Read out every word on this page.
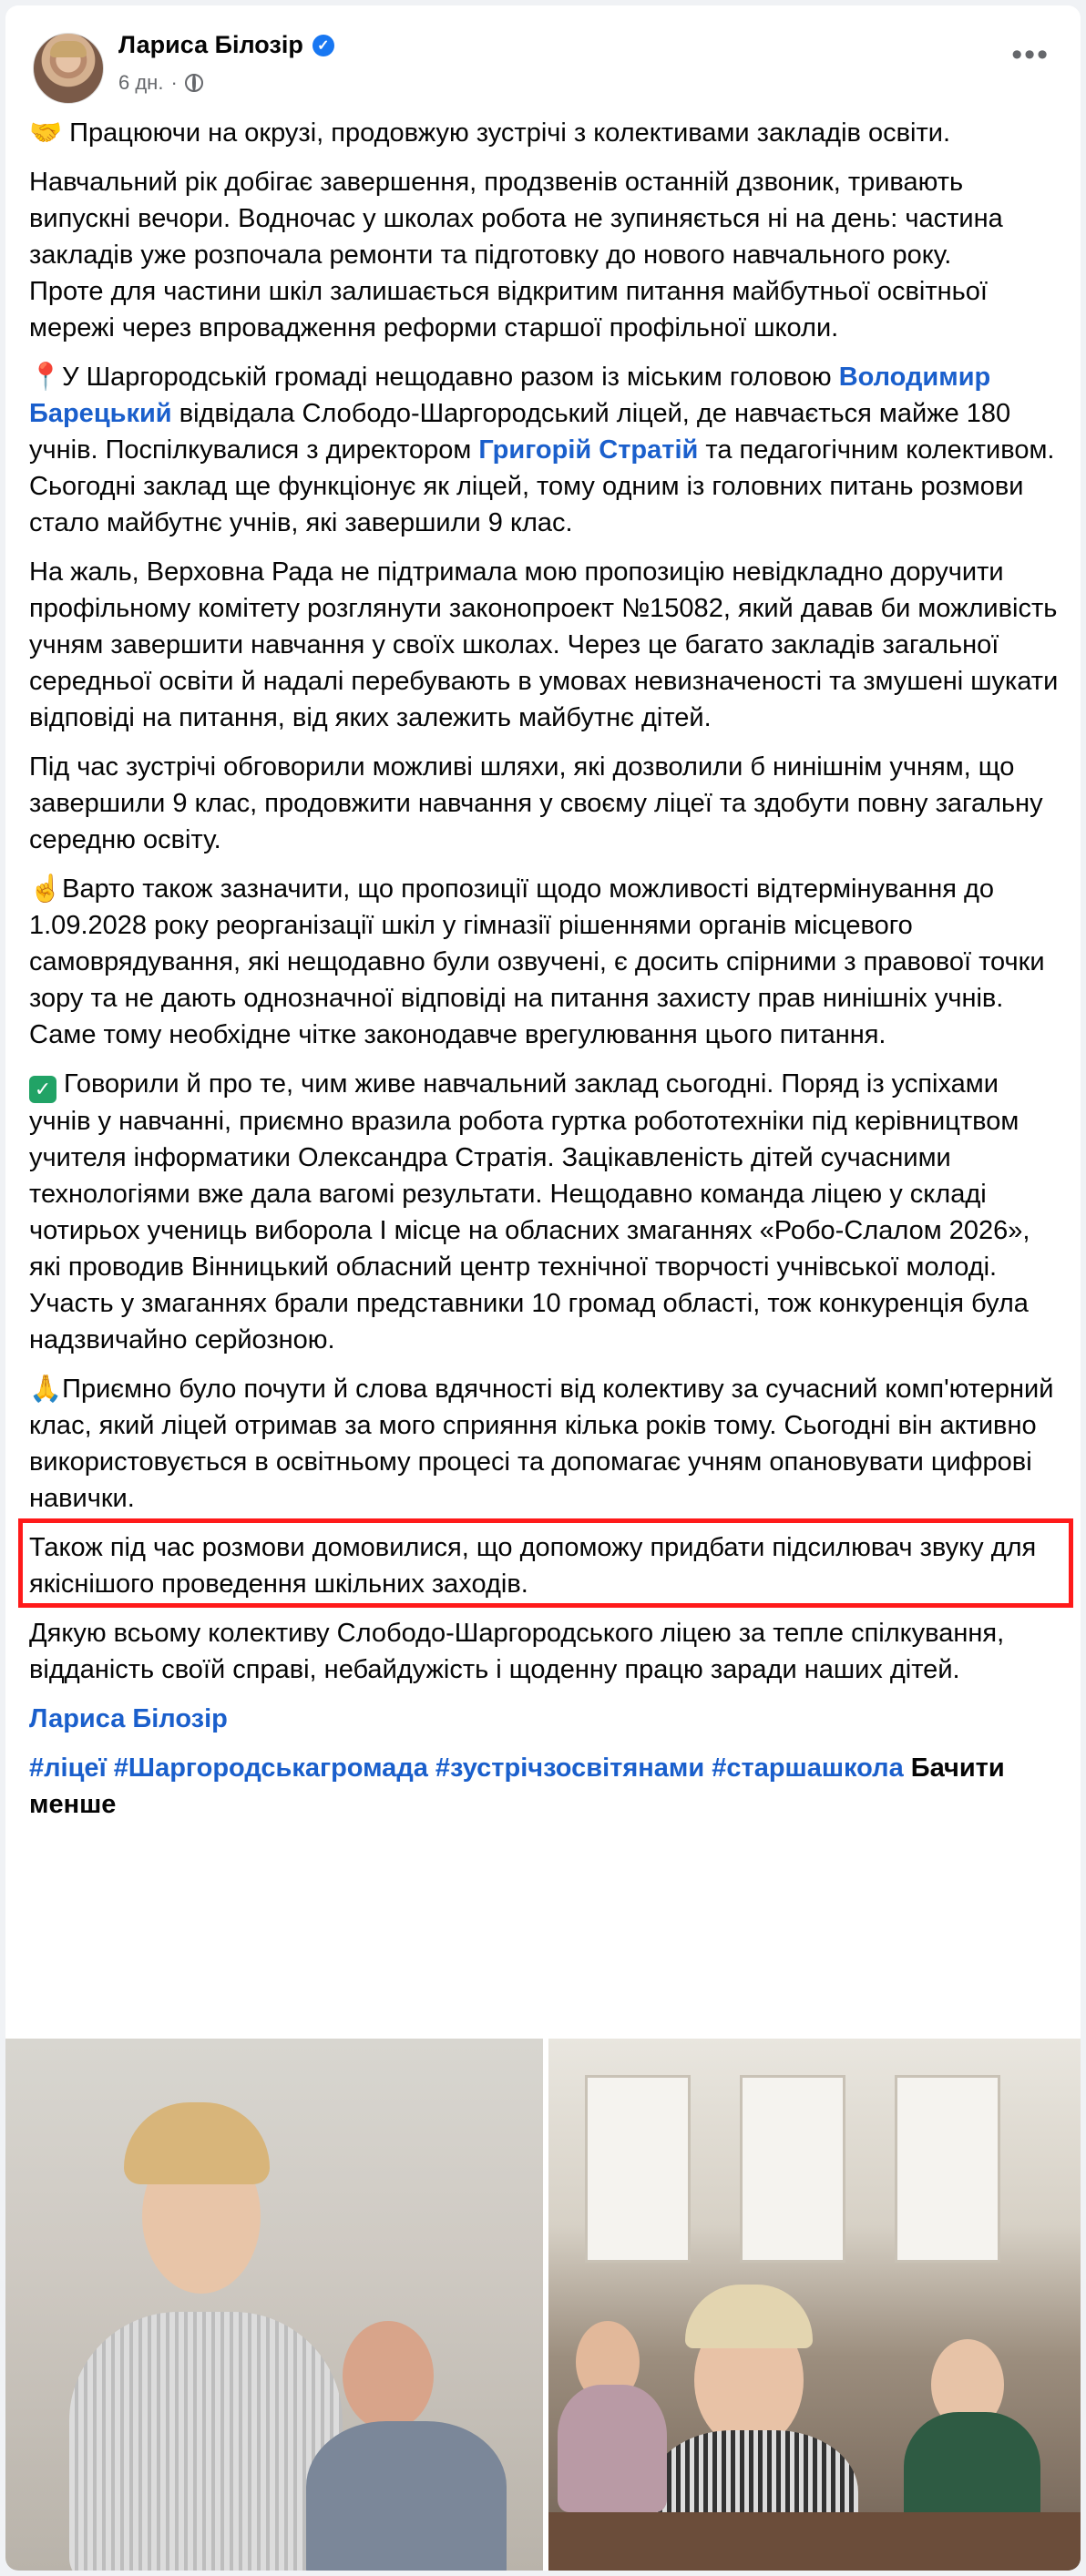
Лариса Білозір ✓
6 дн. ·
•••

🤝 Працюючи на окрузі, продовжую зустрічі з колективами закладів освіти.

Навчальний рік добігає завершення, продзвенів останній дзвоник, тривають випускні вечори. Водночас у школах робота не зупиняється ні на день: частина закладів уже розпочала ремонти та підготовку до нового навчального року.
Проте для частини шкіл залишається відкритим питання майбутньої освітньої мережі через впровадження реформи старшої профільної школи.

📍У Шаргородській громаді нещодавно разом із міським головою Володимир Барецький відвідала Слободо-Шаргородський ліцей, де навчається майже 180 учнів. Поспілкувалися з директором Григорій Стратій та педагогічним колективом.
Сьогодні заклад ще функціонує як ліцей, тому одним із головних питань розмови стало майбутнє учнів, які завершили 9 клас.

На жаль, Верховна Рада не підтримала мою пропозицію невідкладно доручити профільному комітету розглянути законопроект №15082, який давав би можливість учням завершити навчання у своїх школах. Через це багато закладів загальної середньої освіти й надалі перебувають в умовах невизначеності та змушені шукати відповіді на питання, від яких залежить майбутнє дітей.

Під час зустрічі обговорили можливі шляхи, які дозволили б нинішнім учням, що завершили 9 клас, продовжити навчання у своєму ліцеї та здобути повну загальну середню освіту.

☝️Варто також зазначити, що пропозиції щодо можливості відтермінування до 1.09.2028 року реорганізації шкіл у гімназії рішеннями органів місцевого самоврядування, які нещодавно були озвучені, є досить спірними з правової точки зору та не дають однозначної відповіді на питання захисту прав нинішніх учнів. Саме тому необхідне чітке законодавче врегулювання цього питання.

✓ Говорили й про те, чим живе навчальний заклад сьогодні. Поряд із успіхами учнів у навчанні, приємно вразила робота гуртка робототехніки під керівництвом учителя інформатики Олександра Стратія. Зацікавленість дітей сучасними технологіями вже дала вагомі результати. Нещодавно команда ліцею у складі чотирьох учениць виборола І місце на обласних змаганнях «Робо-Слалом 2026», які проводив Вінницький обласний центр технічної творчості учнівської молоді. Участь у змаганнях брали представники 10 громад області, тож конкуренція була надзвичайно серйозною.

🙏Приємно було почути й слова вдячності від колективу за сучасний комп'ютерний клас, який ліцей отримав за мого сприяння кілька років тому. Сьогодні він активно використовується в освітньому процесі та допомагає учням опановувати цифрові навички.

Також під час розмови домовилися, що допоможу придбати підсилювач звуку для якіснішого проведення шкільних заходів.

Дякую всьому колективу Слободо-Шаргородського ліцею за тепле спілкування, відданість своїй справі, небайдужість і щоденну працю заради наших дітей.

Лариса Білозір

#ліцеї #Шаргородськагромада #зустрічзосвітянами #старшашкола Бачити менше
